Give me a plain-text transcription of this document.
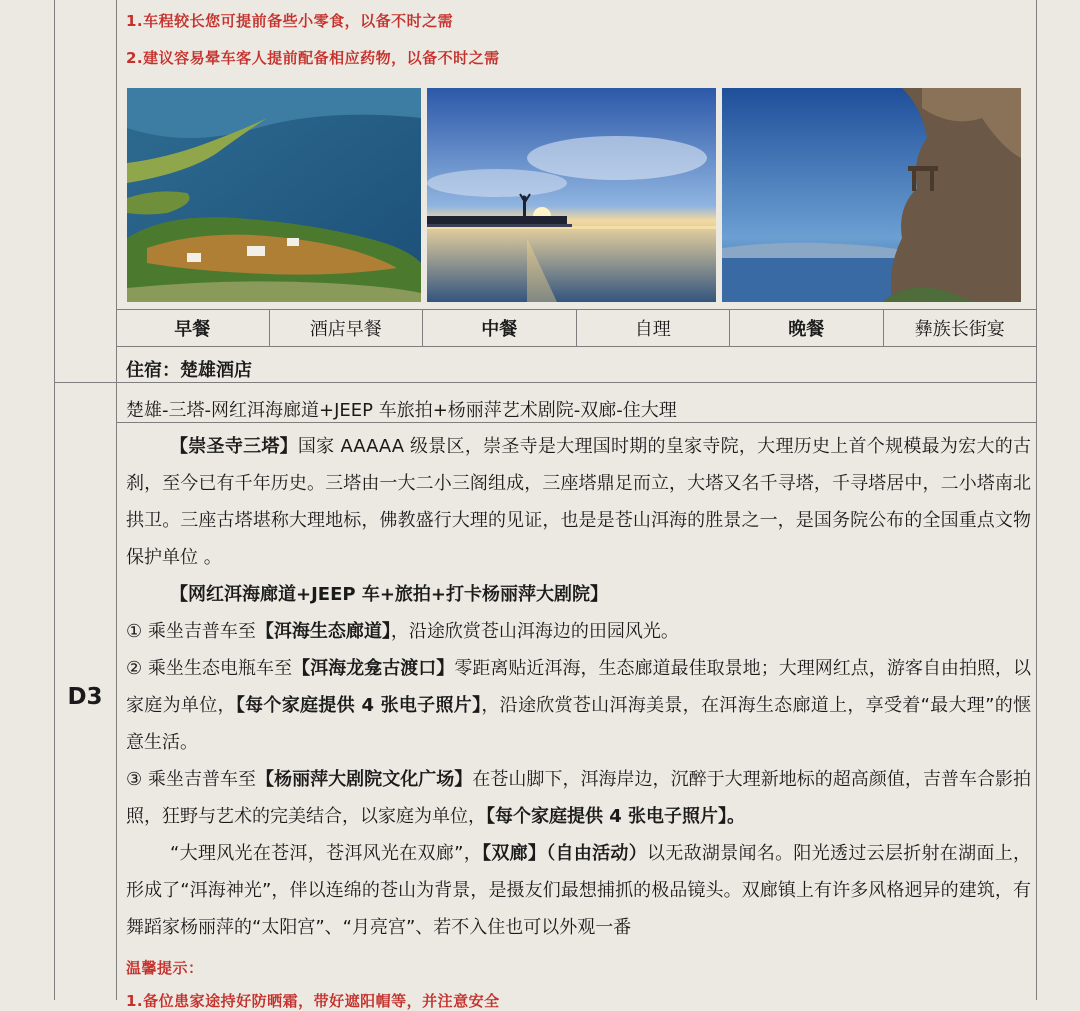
1.车程较长您可提前备些小零食，以备不时之需
2.建议容易晕车客人提前配备相应药物，以备不时之需
早餐	酒店早餐	中餐	自理	晚餐	彝族长街宴
住宿：楚雄酒店
D3
楚雄-三塔-网红洱海廊道+JEEP 车旅拍+杨丽萍艺术剧院-双廊-住大理

【崇圣寺三塔】国家 AAAAA 级景区，崇圣寺是大理国时期的皇家寺院，大理历史上首个规模最为宏大的古刹，至今已有千年历史。三塔由一大二小三阁组成，三座塔鼎足而立，大塔又名千寻塔，千寻塔居中，二小塔南北拱卫。三座古塔堪称大理地标，佛教盛行大理的见证，也是是苍山洱海的胜景之一，是国务院公布的全国重点文物保护单位 。

【网红洱海廊道+JEEP 车+旅拍+打卡杨丽萍大剧院】

① 乘坐吉普车至【洱海生态廊道】，沿途欣赏苍山洱海边的田园风光。

② 乘坐生态电瓶车至【洱海龙龛古渡口】零距离贴近洱海，生态廊道最佳取景地；大理网红点，游客自由拍照，以家庭为单位，【每个家庭提供 4 张电子照片】，沿途欣赏苍山洱海美景，在洱海生态廊道上，享受着“最大理”的惬意生活。

③ 乘坐吉普车至【杨丽萍大剧院文化广场】在苍山脚下，洱海岸边，沉醉于大理新地标的超高颜值，吉普车合影拍照，狂野与艺术的完美结合，以家庭为单位，【每个家庭提供 4 张电子照片】。

“大理风光在苍洱，苍洱风光在双廊”，【双廊】（自由活动）以无敌湖景闻名。阳光透过云层折射在湖面上，形成了“洱海神光”，伴以连绵的苍山为背景，是摄友们最想捕抓的极品镜头。双廊镇上有许多风格迥异的建筑，有舞蹈家杨丽萍的“太阳宫”、“月亮宫”、若不入住也可以外观一番

温馨提示：
1.备位患家途持好防晒霜，带好遮阳帽等，并注意安全
